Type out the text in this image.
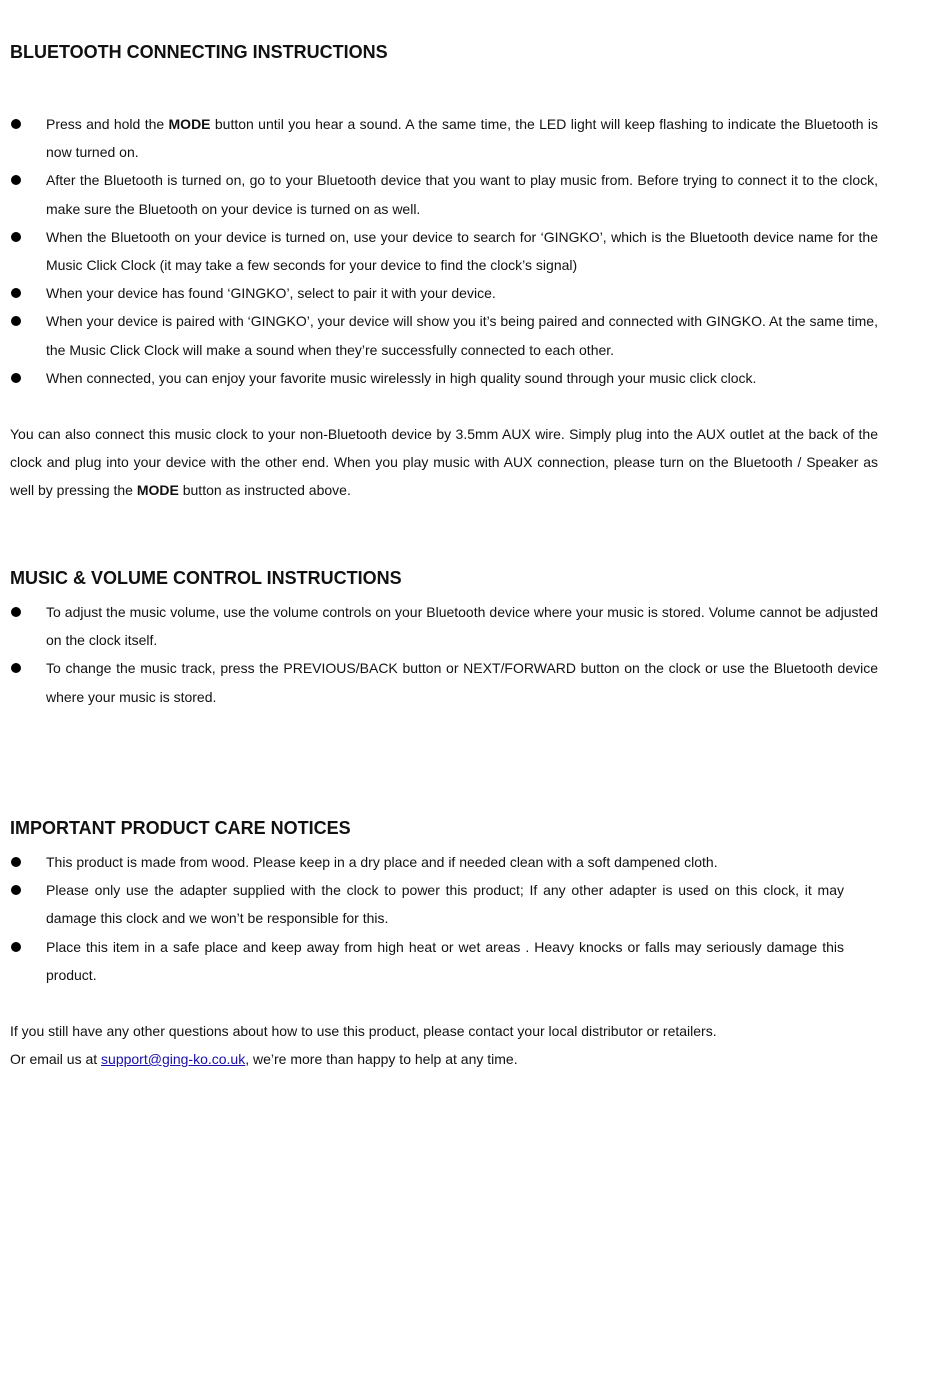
BLUETOOTH CONNECTING INSTRUCTIONS
Press and hold the MODE button until you hear a sound. A the same time, the LED light will keep flashing to indicate the Bluetooth is now turned on.
After the Bluetooth is turned on, go to your Bluetooth device that you want to play music from. Before trying to connect it to the clock, make sure the Bluetooth on your device is turned on as well.
When the Bluetooth on your device is turned on, use your device to search for ‘GINGKO’, which is the Bluetooth device name for the Music Click Clock (it may take a few seconds for your device to find the clock’s signal)
When your device has found ‘GINGKO’, select to pair it with your device.
When your device is paired with ‘GINGKO’, your device will show you it’s being paired and connected with GINGKO. At the same time, the Music Click Clock will make a sound when they’re successfully connected to each other.
When connected, you can enjoy your favorite music wirelessly in high quality sound through your music click clock.

You can also connect this music clock to your non-Bluetooth device by 3.5mm AUX wire. Simply plug into the AUX outlet at the back of the clock and plug into your device with the other end. When you play music with AUX connection, please turn on the Bluetooth / Speaker as well by pressing the MODE button as instructed above.

MUSIC & VOLUME CONTROL INSTRUCTIONS
To adjust the music volume, use the volume controls on your Bluetooth device where your music is stored. Volume cannot be adjusted on the clock itself.
To change the music track, press the PREVIOUS/BACK button or NEXT/FORWARD button on the clock or use the Bluetooth device where your music is stored.
IMPORTANT PRODUCT CARE NOTICES
This product is made from wood. Please keep in a dry place and if needed clean with a soft dampened cloth.
Please only use the adapter supplied with the clock to power this product; If any other adapter is used on this clock, it may damage this clock and we won’t be responsible for this.
Place this item in a safe place and keep away from high heat or wet areas . Heavy knocks or falls may seriously damage this product.

If you still have any other questions about how to use this product, please contact your local distributor or retailers.

Or email us at support@ging-ko.co.uk, we’re more than happy to help at any time.
